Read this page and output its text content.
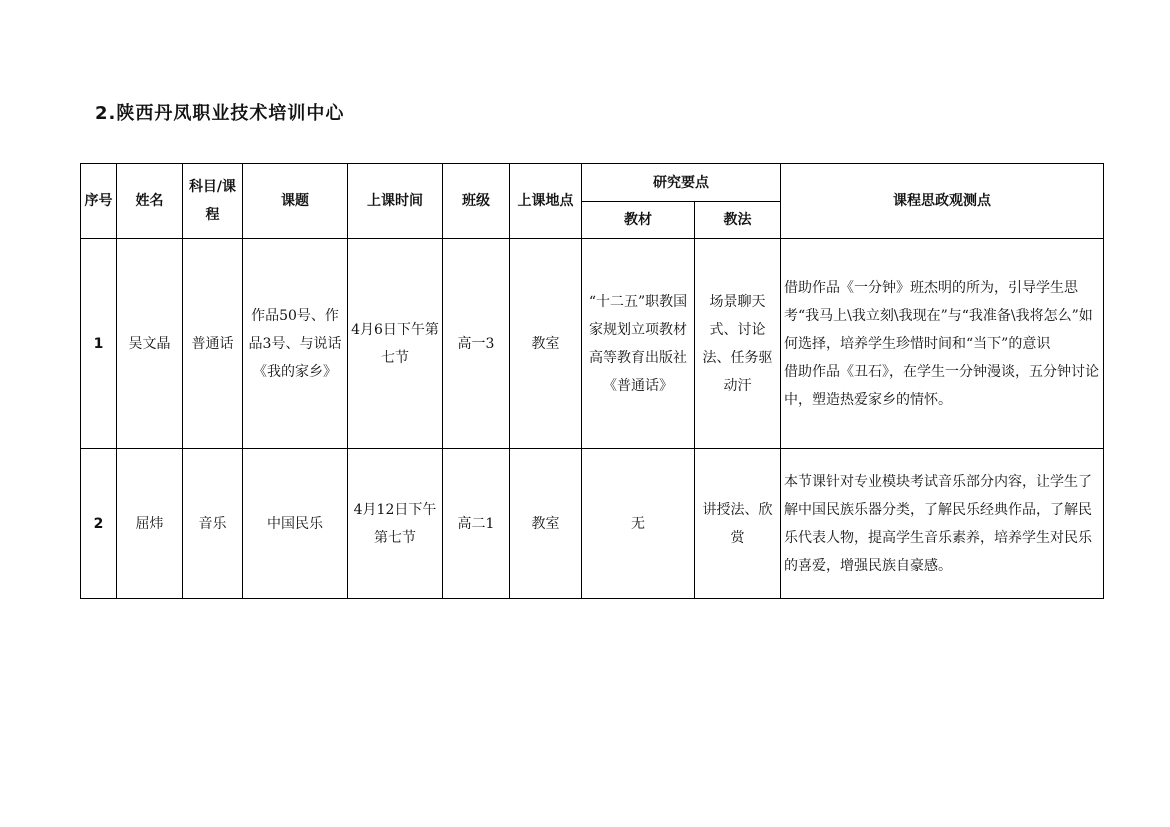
2.陕西丹凤职业技术培训中心
序号	姓名	科目/课程	课题	上课时间	班级	上课地点	研究要点		课程思政观测点
							教材	教法	
1	吴文晶	普通话	作品50号、作品3号、与说话《我的家乡》	4月6日下午第七节	高一3	教室	“十二五”职教国家规划立项教材高等教育出版社《普通话》	场景聊天式、讨论法、任务驱动汗	借助作品《一分钟》班杰明的所为，引导学生思考“我马上\我立刻\我现在”与“我准备\我将怎么”如何选择，培养学生珍惜时间和“当下”的意识

借助作品《丑石》，在学生一分钟漫谈，五分钟讨论中，塑造热爱家乡的情怀。

2	屈炜	音乐	中国民乐	4月12日下午第七节	高二1	教室	无	讲授法、欣赏	本节课针对专业模块考试音乐部分内容，让学生了解中国民族乐器分类，了解民乐经典作品，了解民乐代表人物，提高学生音乐素养，培养学生对民乐的喜爱，增强民族自豪感。
